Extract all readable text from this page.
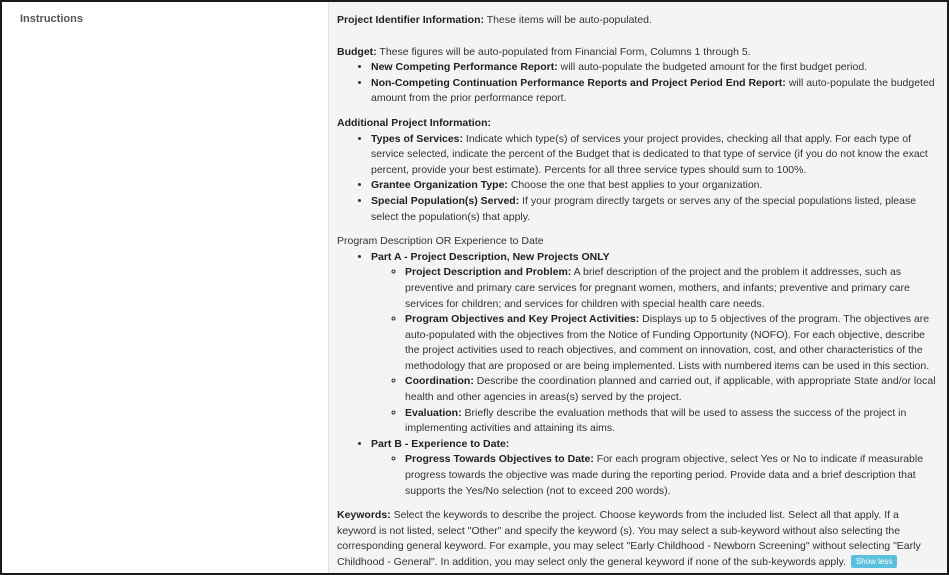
Instructions	Project Identifier Information: These items will be auto-populated.

Budget: These figures will be auto-populated from Financial Form, Columns 1 through 5.

• New Competing Performance Report: will auto-populate the budgeted amount for the first budget period.
• Non-Competing Continuation Performance Reports and Project Period End Report: will auto-populate the budgeted amount from the prior performance report.

Additional Project Information:

• Types of Services: Indicate which type(s) of services your project provides, checking all that apply. For each type of service selected, indicate the percent of the Budget that is dedicated to that type of service (if you do not know the exact percent, provide your best estimate). Percents for all three service types should sum to 100%.
• Grantee Organization Type: Choose the one that best applies to your organization.
• Special Population(s) Served: If your program directly targets or serves any of the special populations listed, please select the population(s) that apply.

Program Description OR Experience to Date

• Part A - Project Description, New Projects ONLY
◦ Project Description and Problem: A brief description of the project and the problem it addresses, such as preventive and primary care services for pregnant women, mothers, and infants; preventive and primary care services for children; and services for children with special health care needs.
◦ Program Objectives and Key Project Activities: Displays up to 5 objectives of the program. The objectives are auto-populated with the objectives from the Notice of Funding Opportunity (NOFO). For each objective, describe the project activities used to reach objectives, and comment on innovation, cost, and other characteristics of the methodology that are proposed or are being implemented. Lists with numbered items can be used in this section.
◦ Coordination: Describe the coordination planned and carried out, if applicable, with appropriate State and/or local health and other agencies in areas(s) served by the project.
◦ Evaluation: Briefly describe the evaluation methods that will be used to assess the success of the project in implementing activities and attaining its aims.
• Part B - Experience to Date:
◦ Progress Towards Objectives to Date: For each program objective, select Yes or No to indicate if measurable progress towards the objective was made during the reporting period. Provide data and a brief description that supports the Yes/No selection (not to exceed 200 words).

Keywords: Select the keywords to describe the project. Choose keywords from the included list. Select all that apply. If a keyword is not listed, select "Other" and specify the keyword (s). You may select a sub-keyword without also selecting the corresponding general keyword. For example, you may select "Early Childhood - Newborn Screening" without selecting "Early Childhood - General". In addition, you may select only the general keyword if none of the sub-keywords apply. Show less
